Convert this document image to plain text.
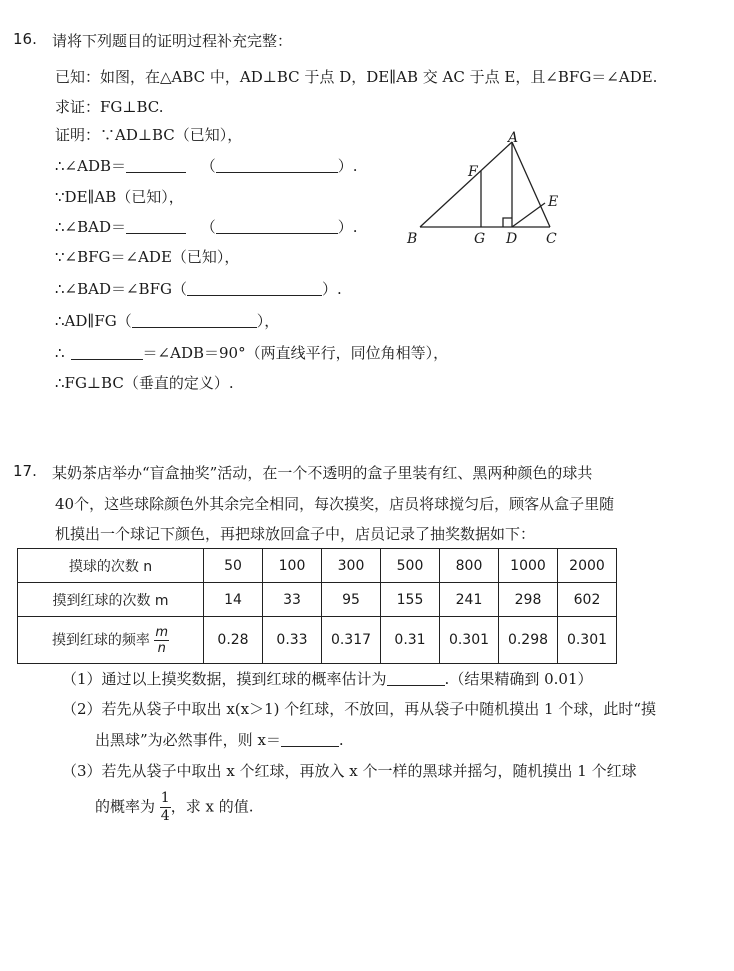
16. 请将下列题目的证明过程补充完整：
已知：如图，在△ABC 中，AD⊥BC 于点 D，DE∥AB 交 AC 于点 E，且∠BFG＝∠ADE.
求证：FG⊥BC.
证明：∵AD⊥BC（已知），
∴∠ADB＝	（	）.
∵DE∥AB（已知），
∴∠BAD＝	（	）.
∵∠BFG＝∠ADE（已知），
∴∠BAD＝∠BFG（	）.
∴AD∥FG（	），
∴	＝∠ADB＝90°（两直线平行，同位角相等），
∴FG⊥BC（垂直的定义）.
A
B	C
D
E
F
G
17. 某奶茶店举办“盲盒抽奖”活动，在一个不透明的盒子里装有红、黑两种颜色的球共
40个，这些球除颜色外其余完全相同，每次摸奖，店员将球搅匀后，顾客从盒子里随
机摸出一个球记下颜色，再把球放回盒子中，店员记录了抽奖数据如下：
摸球的次数 n	50	100	300	500	800	1000	2000
摸到红球的次数 m	14	33	95	155	241	298	602
摸到红球的频率 $\frac{m}{n}$	0.28	0.33	0.317	0.31	0.301	0.298	0.301
（1）通过以上摸奖数据，摸到红球的概率估计为	.（结果精确到 0.01）
（2）若先从袋子中取出 x(x＞1) 个红球，不放回，再从袋子中随机摸出 1 个球，此时“摸
出黑球”为必然事件，则 x＝	.
（3）若先从袋子中取出 x 个红球，再放入 x 个一样的黑球并摇匀，随机摸出 1 个红球
的概率为 $\frac{1}{4}$ ，求 x 的值.
